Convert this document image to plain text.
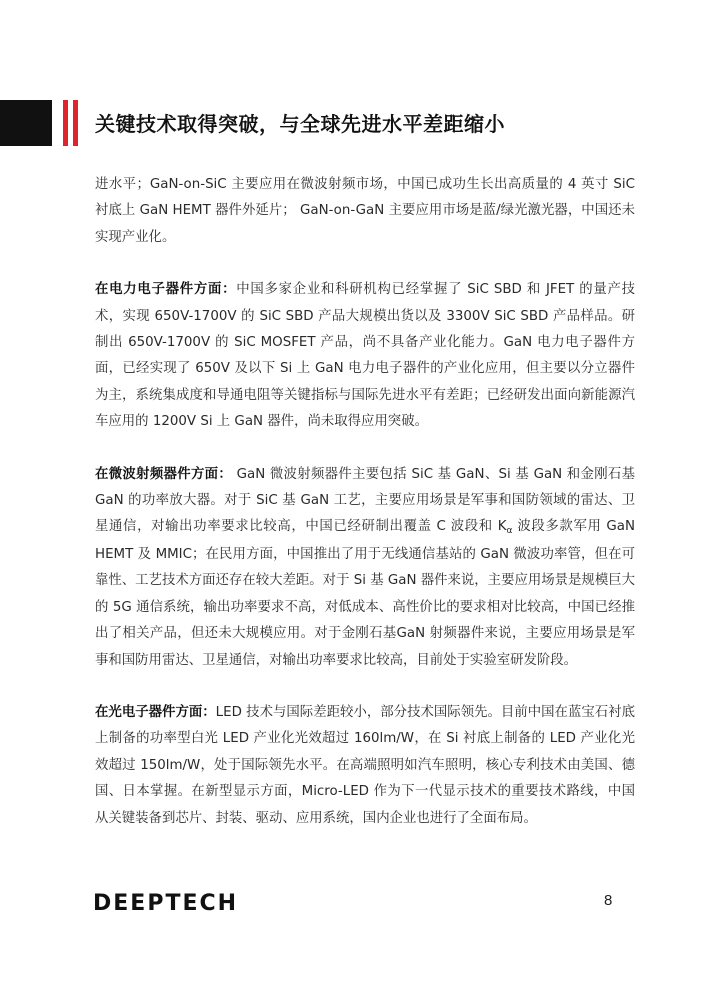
关键技术取得突破，与全球先进水平差距缩小

进水平；GaN-on-SiC 主要应用在微波射频市场，中国已成功生长出高质量的 4 英寸 SiC 衬底上 GaN HEMT 器件外延片； GaN-on-GaN 主要应用市场是蓝/绿光激光器，中国还未实现产业化。

在电力电子器件方面：中国多家企业和科研机构已经掌握了 SiC SBD 和 JFET 的量产技术，实现 650V-1700V 的 SiC SBD 产品大规模出货以及 3300V SiC SBD 产品样品。研制出 650V-1700V 的 SiC MOSFET 产品，尚不具备产业化能力。GaN 电力电子器件方面，已经实现了 650V 及以下 Si 上 GaN 电力电子器件的产业化应用，但主要以分立器件为主，系统集成度和导通电阻等关键指标与国际先进水平有差距；已经研发出面向新能源汽车应用的 1200V Si 上 GaN 器件，尚未取得应用突破。

在微波射频器件方面： GaN 微波射频器件主要包括 SiC 基 GaN、Si 基 GaN 和金刚石基 GaN 的功率放大器。对于 SiC 基 GaN 工艺，主要应用场景是军事和国防领域的雷达、卫星通信，对输出功率要求比较高，中国已经研制出覆盖 C 波段和 $K_\alpha$ 波段多款军用 GaN HEMT 及 MMIC；在民用方面，中国推出了用于无线通信基站的 GaN 微波功率管，但在可靠性、工艺技术方面还存在较大差距。对于 Si 基 GaN 器件来说，主要应用场景是规模巨大的 5G 通信系统，输出功率要求不高，对低成本、高性价比的要求相对比较高，中国已经推出了相关产品，但还未大规模应用。对于金刚石基GaN 射频器件来说，主要应用场景是军事和国防用雷达、卫星通信，对输出功率要求比较高，目前处于实验室研发阶段。

在光电子器件方面：LED 技术与国际差距较小，部分技术国际领先。目前中国在蓝宝石衬底上制备的功率型白光 LED 产业化光效超过 160lm/W，在 Si 衬底上制备的 LED 产业化光效超过 150lm/W，处于国际领先水平。在高端照明如汽车照明，核心专利技术由美国、德国、日本掌握。在新型显示方面，Micro-LED 作为下一代显示技术的重要技术路线，中国从关键装备到芯片、封装、驱动、应用系统，国内企业也进行了全面布局。

DEEPTECH	8
